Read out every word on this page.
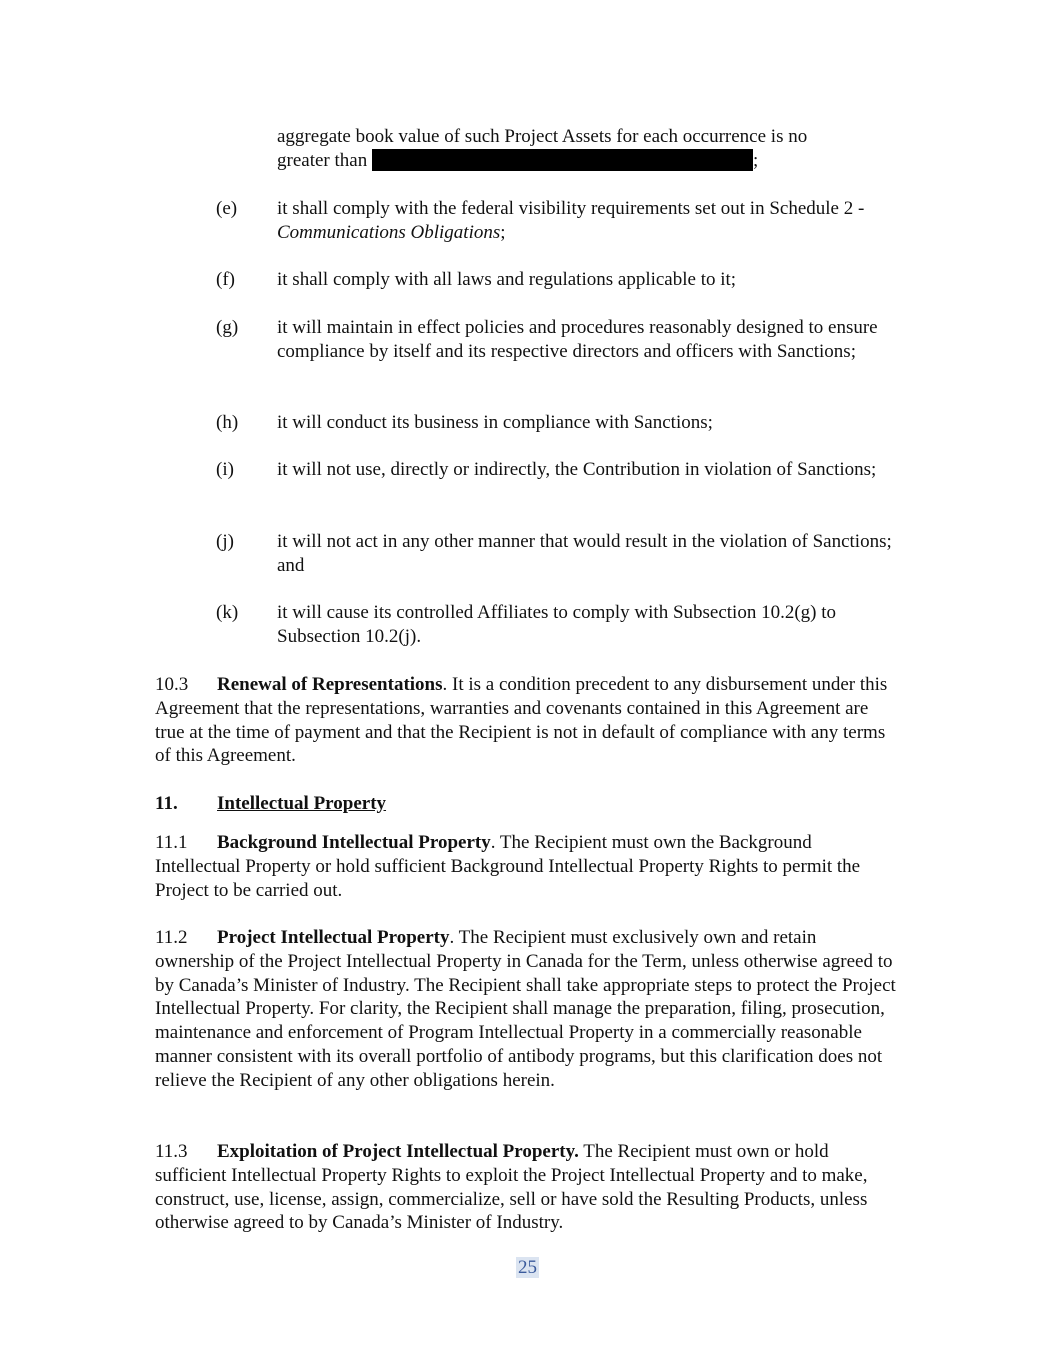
aggregate book value of such Project Assets for each occurrence is no
greater than	;
(e) it shall comply with the federal visibility requirements set out in Schedule 2 - Communications Obligations;
(f) it shall comply with all laws and regulations applicable to it;
(g) it will maintain in effect policies and procedures reasonably designed to ensure compliance by itself and its respective directors and officers with Sanctions;
(h) it will conduct its business in compliance with Sanctions;
(i) it will not use, directly or indirectly, the Contribution in violation of Sanctions;
(j) it will not act in any other manner that would result in the violation of Sanctions; and
(k) it will cause its controlled Affiliates to comply with Subsection 10.2(g) to Subsection 10.2(j).

10.3 Renewal of Representations. It is a condition precedent to any disbursement under this Agreement that the representations, warranties and covenants contained in this Agreement are true at the time of payment and that the Recipient is not in default of compliance with any terms of this Agreement.

11. Intellectual Property

11.1 Background Intellectual Property. The Recipient must own the Background Intellectual Property or hold sufficient Background Intellectual Property Rights to permit the Project to be carried out.

11.2 Project Intellectual Property. The Recipient must exclusively own and retain ownership of the Project Intellectual Property in Canada for the Term, unless otherwise agreed to by Canada’s Minister of Industry. The Recipient shall take appropriate steps to protect the Project Intellectual Property. For clarity, the Recipient shall manage the preparation, filing, prosecution, maintenance and enforcement of Program Intellectual Property in a commercially reasonable manner consistent with its overall portfolio of antibody programs, but this clarification does not relieve the Recipient of any other obligations herein.

11.3 Exploitation of Project Intellectual Property. The Recipient must own or hold sufficient Intellectual Property Rights to exploit the Project Intellectual Property and to make, construct, use, license, assign, commercialize, sell or have sold the Resulting Products, unless otherwise agreed to by Canada’s Minister of Industry.

25
